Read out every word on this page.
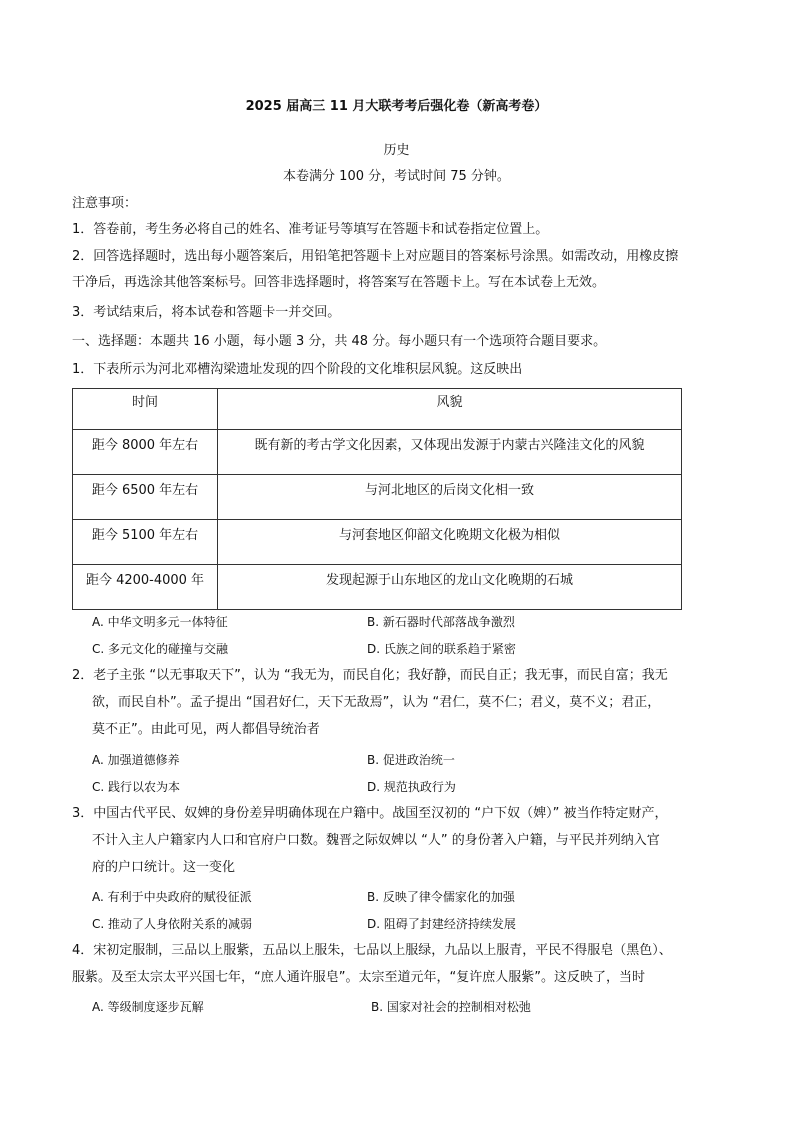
2025 届高三 11 月大联考考后强化卷（新高考卷）
历史
本卷满分 100 分，考试时间 75 分钟。
注意事项：
1．答卷前，考生务必将自己的姓名、准考证号等填写在答题卡和试卷指定位置上。
2．回答选择题时，选出每小题答案后，用铅笔把答题卡上对应题目的答案标号涂黑。如需改动，用橡皮擦
干净后，再选涂其他答案标号。回答非选择题时，将答案写在答题卡上。写在本试卷上无效。
3．考试结束后，将本试卷和答题卡一并交回。
一、选择题：本题共 16 小题，每小题 3 分，共 48 分。每小题只有一个选项符合题目要求。
1．下表所示为河北邓槽沟梁遗址发现的四个阶段的文化堆积层风貌。这反映出
时间	风貌
距今 8000 年左右	既有新的考古学文化因素，又体现出发源于内蒙古兴隆洼文化的风貌
距今 6500 年左右	与河北地区的后岗文化相一致
距今 5100 年左右	与河套地区仰韶文化晚期文化极为相似
距今 4200-4000 年	发现起源于山东地区的龙山文化晚期的石城
A. 中华文明多元一体特征	B. 新石器时代部落战争激烈
C. 多元文化的碰撞与交融	D. 氏族之间的联系趋于紧密
2．老子主张 “以无事取天下”，认为 “我无为，而民自化；我好静，而民自正；我无事，而民自富；我无
欲，而民自朴”。孟子提出 “国君好仁，天下无敌焉”，认为 “君仁，莫不仁；君义，莫不义；君正，
莫不正”。由此可见，两人都倡导统治者
A. 加强道德修养	B. 促进政治统一
C. 践行以农为本	D. 规范执政行为
3．中国古代平民、奴婢的身份差异明确体现在户籍中。战国至汉初的 “户下奴（婢）” 被当作特定财产，
不计入主人户籍家内人口和官府户口数。魏晋之际奴婢以 “人” 的身份著入户籍，与平民并列纳入官
府的户口统计。这一变化
A. 有利于中央政府的赋役征派	B. 反映了律令儒家化的加强
C. 推动了人身依附关系的减弱	D. 阻碍了封建经济持续发展
4．宋初定服制，三品以上服紫，五品以上服朱，七品以上服绿，九品以上服青，平民不得服皂（黑色）、
服紫。及至太宗太平兴国七年，“庶人通许服皂”。太宗至道元年，“复许庶人服紫”。这反映了，当时
A. 等级制度逐步瓦解	B. 国家对社会的控制相对松弛
